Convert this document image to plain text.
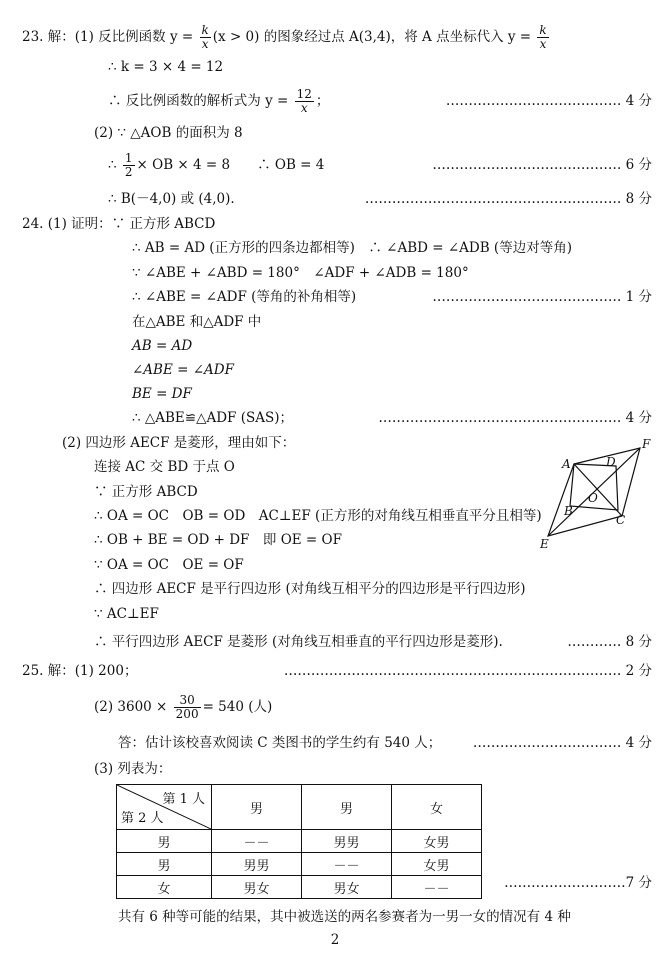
23. 解：(1) 反比例函数 $y = \frac{k}{x} (x > 0)$ 的图象经过点 A(3,4)，将 A 点坐标代入 $y = \frac{k}{x}$
∴ k = 3 × 4 = 12
∴ 反比例函数的解析式为 $y = \frac{12}{x}$ ；	………………………………… 4 分
(2) ∵ △AOB 的面积为 8
∴ $\frac{1}{2}$ × OB × 4 = 8　　∴ OB = 4	…………………………………… 6 分
∴ B(－4,0) 或 (4,0).	………………………………………………… 8 分
24. (1) 证明：∵ 正方形 ABCD
∴ AB = AD (正方形的四条边都相等)　∴ ∠ABD = ∠ADB (等边对等角)
∵ ∠ABE + ∠ABD = 180°　∠ADF + ∠ADB = 180°
∴ ∠ABE = ∠ADF (等角的补角相等)	…………………………………… 1 分
在△ABE 和△ADF 中
AB = AD
∠ABE = ∠ADF
BE = DF
∴ △ABE≌△ADF (SAS)；	……………………………………………… 4 分
(2) 四边形 AECF 是菱形，理由如下：
连接 AC 交 BD 于点 O
∵ 正方形 ABCD
∴ OA = OC　OB = OD　AC⊥EF (正方形的对角线互相垂直平分且相等)
∴ OB + BE = OD + DF　即 OE = OF
∵ OA = OC　OE = OF
∴ 四边形 AECF 是平行四边形 (对角线互相平分的四边形是平行四边形)
∵ AC⊥EF
∴ 平行四边形 AECF 是菱形 (对角线互相垂直的平行四边形是菱形).	………… 8 分
A	D
F
O
B
C
E
25. 解：(1) 200；	………………………………………………………………… 2 分
(2) $3600 \times \frac{30}{200} = 540$ (人)
答：估计该校喜欢阅读 C 类图书的学生约有 540 人； …………………………… 4 分
(3) 列表为：
第 1 人
第 2 人	男	男	女
男	－－	男男	女男
男	男男	－－	女男
女	男女	男女	－－	………………………7 分
共有 6 种等可能的结果，其中被选送的两名参赛者为一男一女的情况有 4 种
2
